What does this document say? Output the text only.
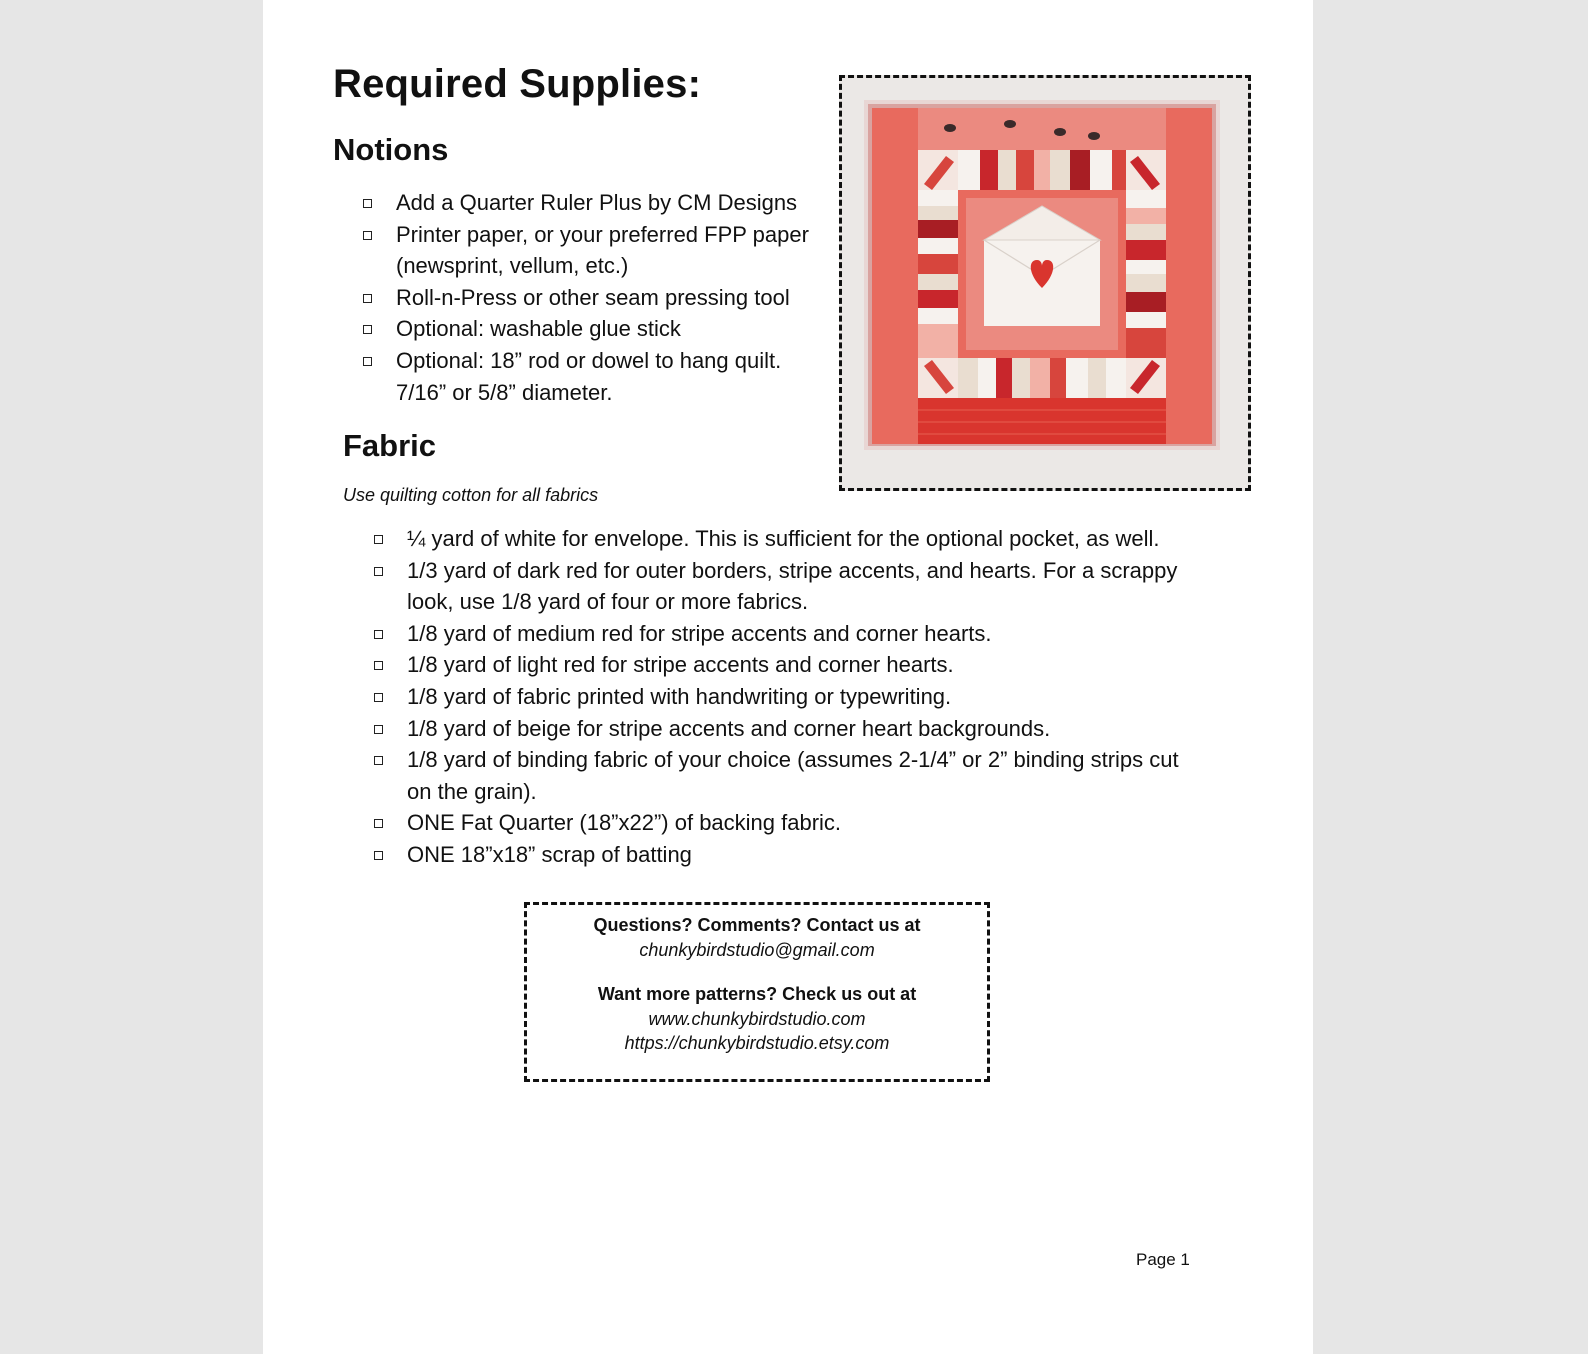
Required Supplies:
Notions
Add a Quarter Ruler Plus by CM Designs
Printer paper, or your preferred FPP paper (newsprint, vellum, etc.)
Roll-n-Press or other seam pressing tool
Optional: washable glue stick
Optional: 18” rod or dowel to hang quilt. 7/16” or 5/8” diameter.
Fabric
Use quilting cotton for all fabrics
¼ yard of white for envelope. This is sufficient for the optional pocket, as well.
1/3 yard of dark red for outer borders, stripe accents, and hearts. For a scrappy look, use 1/8 yard of four or more fabrics.
1/8 yard of medium red for stripe accents and corner hearts.
1/8 yard of light red for stripe accents and corner hearts.
1/8 yard of fabric printed with handwriting or typewriting.
1/8 yard of beige for stripe accents and corner heart backgrounds.
1/8 yard of binding fabric of your choice (assumes 2-1/4” or 2” binding strips cut on the grain).
ONE Fat Quarter (18”x22”) of backing fabric.
ONE 18”x18” scrap of batting
Questions? Comments? Contact us at
chunkybirdstudio@gmail.com
Want more patterns? Check us out at
www.chunkybirdstudio.com
https://chunkybirdstudio.etsy.com
Page 1
